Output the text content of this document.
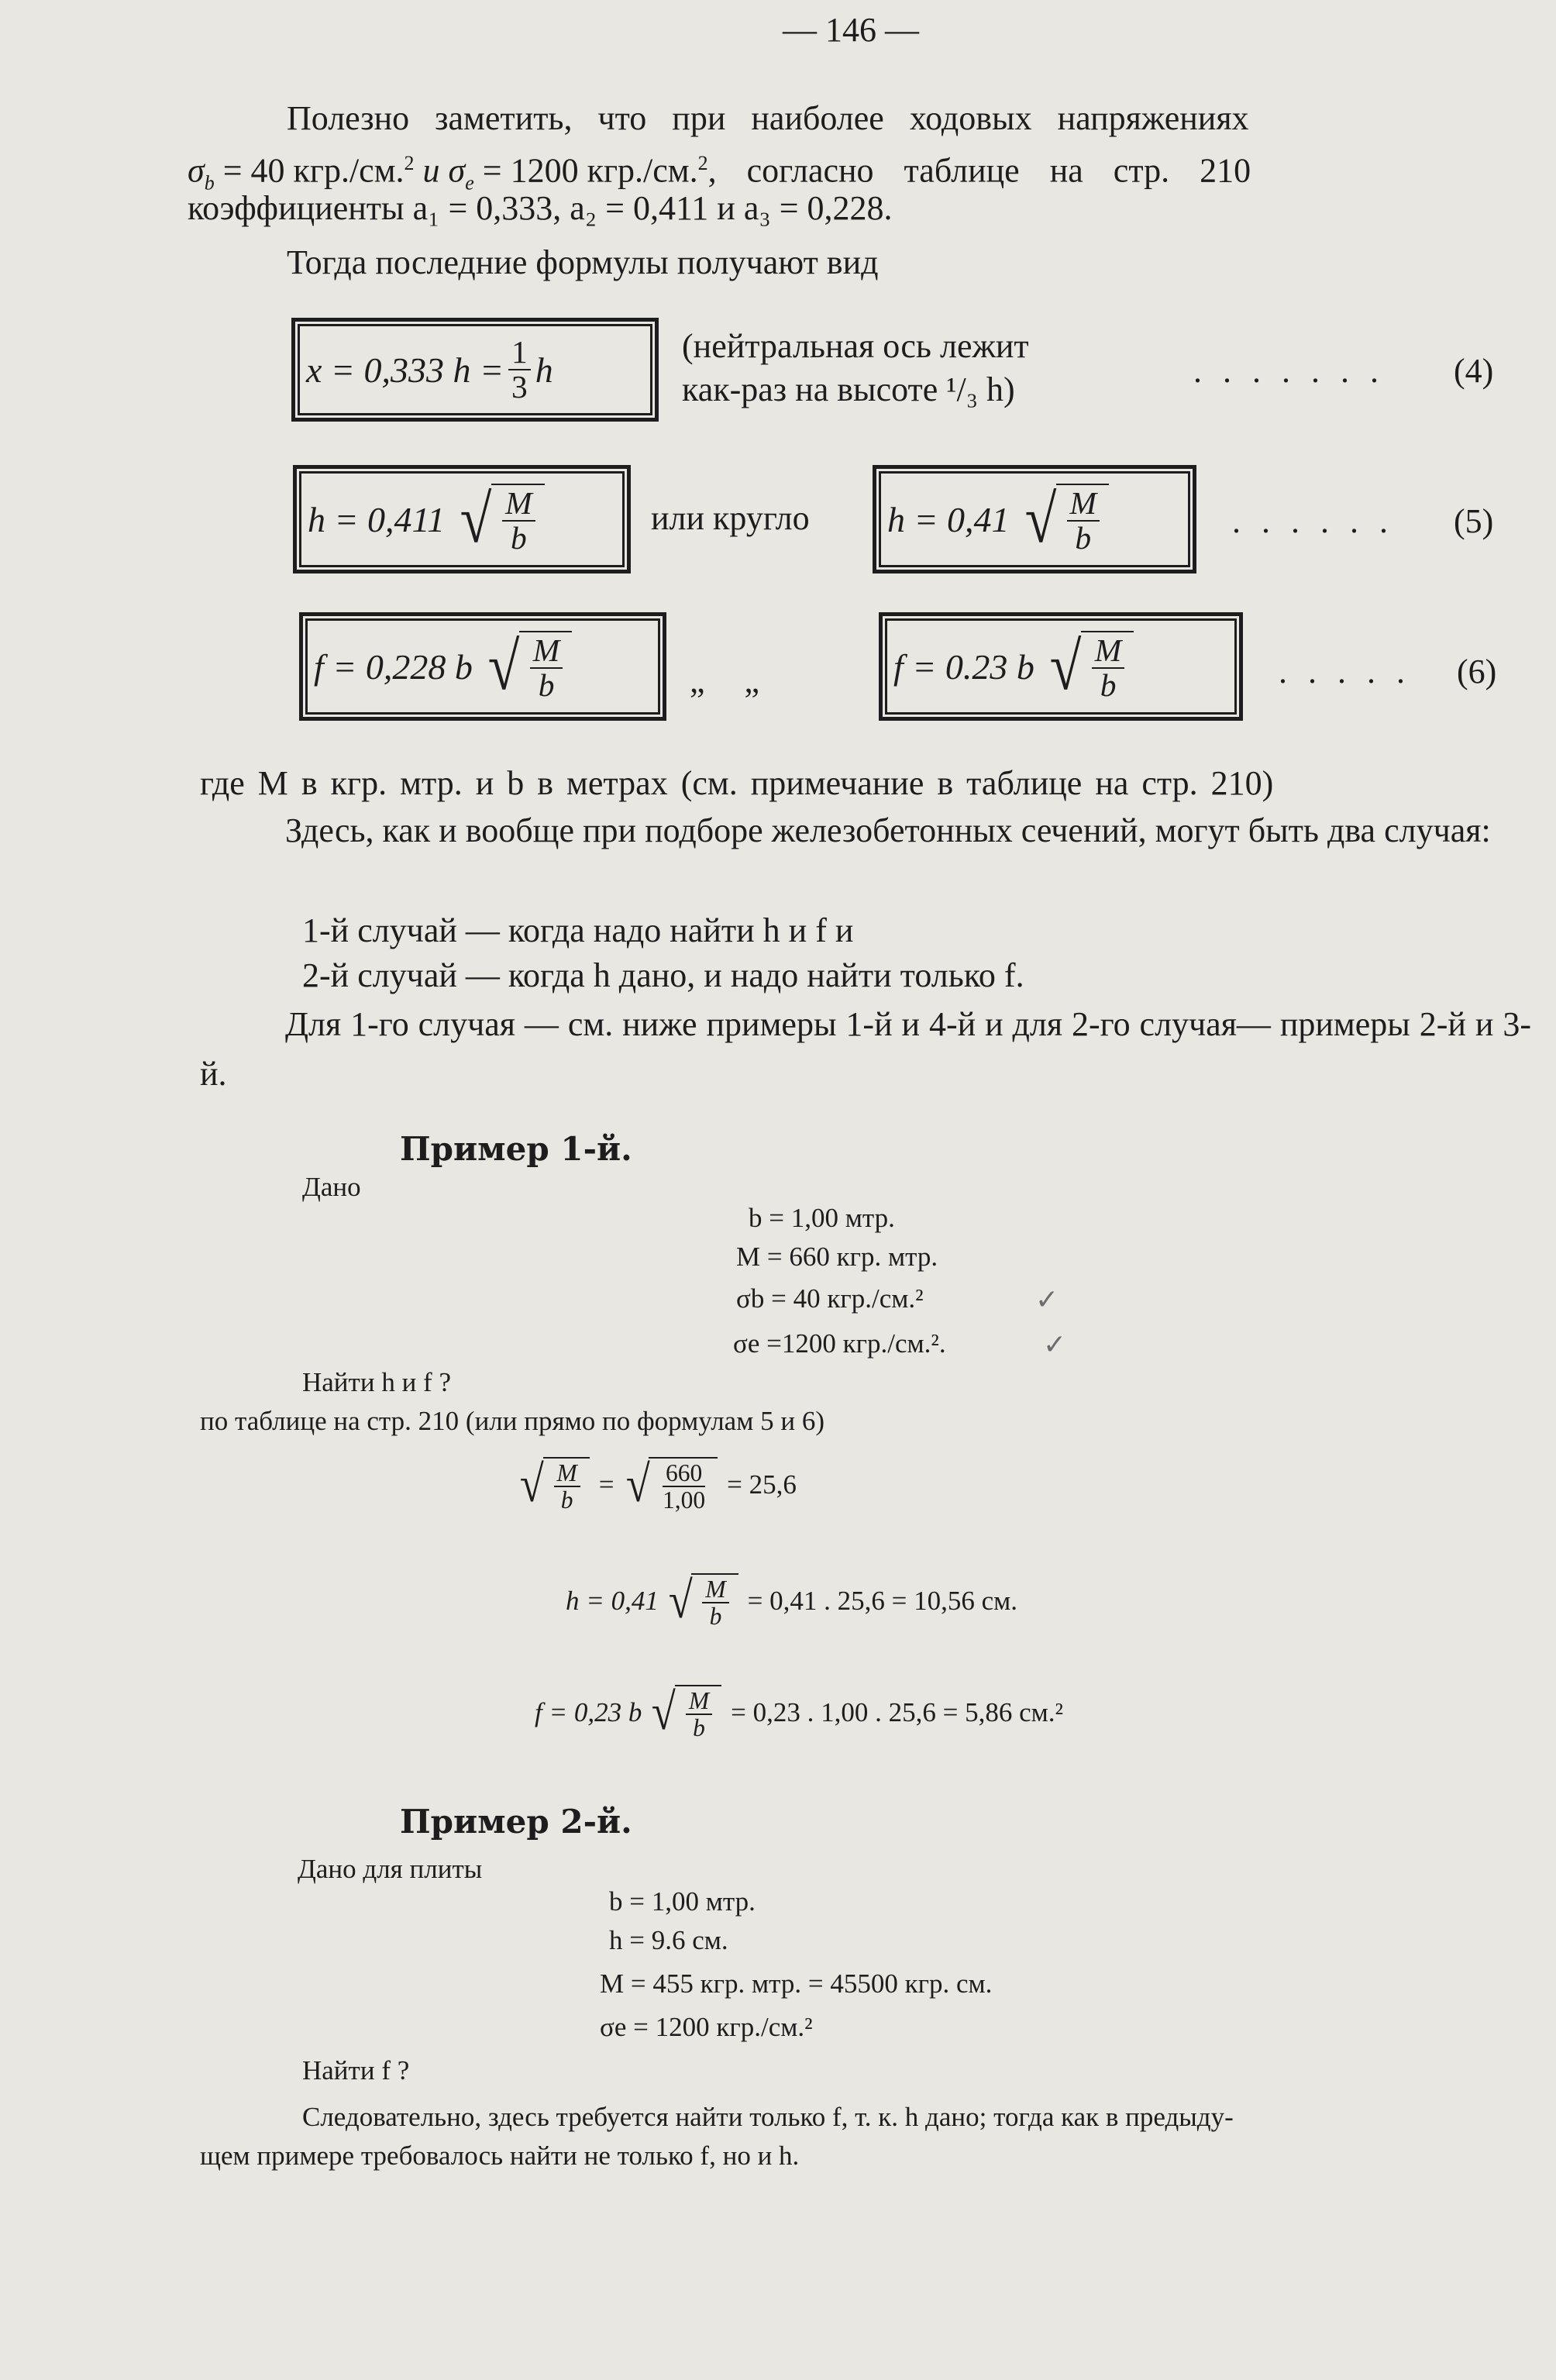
— 146 —
Полезно заметить, что при наиболее ходовых напряжениях
$\sigma_b = 40$ кгр./см.$^2$ и $\sigma_e = 1200$ кгр./см.$^2$, согласно таблице на стр. 210
коэффициенты a₁ = 0,333, a₂ = 0,411 и a₃ = 0,228.
Тогда последние формулы получают вид
x = 0,333 $h = \frac{1}{3}$ h
(нейтральная ось лежит
как-раз на высоте ¹/₃ h)	. . . . . . . (4)
h = 0,411 √ $\frac{M}{b}$	или кругло h = 0,41 √ $\frac{M}{b}$	. . . . . . (5)
f = 0,228 b √ $\frac{M}{b}$	„ „	f = 0.23 b √ $\frac{M}{b}$	. . . . . (6)
где M в кгр. мтр. и b в метрах (см. примечание в таблице на стр. 210)
Здесь, как и вообще при подборе железобетонных сечений, могут быть два случая:
1-й случай — когда надо найти h и f и
2-й случай — когда h дано, и надо найти только f.
Для 1-го случая — см. ниже примеры 1-й и 4-й и для 2-го случая— примеры 2-й и 3-й.
Пример 1-й.
Дано
b = 1,00 мтр.
M = 660 кгр. мтр.
σb = 40 кгр./см.²
σe =1200 кгр./см.².
✓
✓
Найти h и f ?
по таблице на стр. 210 (или прямо по формулам 5 и 6)
√ $\frac{M}{b}$ = √ $\frac{660}{1,00} = 25,6$
h = 0,41 √ $\frac{M}{b} = 0,41$ . 25,6 = 10,56 см.
f = 0,23 b √ $\frac{M}{b} = 0,23$ . 1,00 . 25,6 = 5,86 см.²
Пример 2-й.
Дано для плиты
b = 1,00 мтр.
h = 9.6 см.
M = 455 кгр. мтр. = 45500 кгр. см.
σe = 1200 кгр./см.²
Найти f ?
Следовательно, здесь требуется найти только f, т. к. h дано; тогда как в предыду-
щем примере требовалось найти не только f, но и h.
